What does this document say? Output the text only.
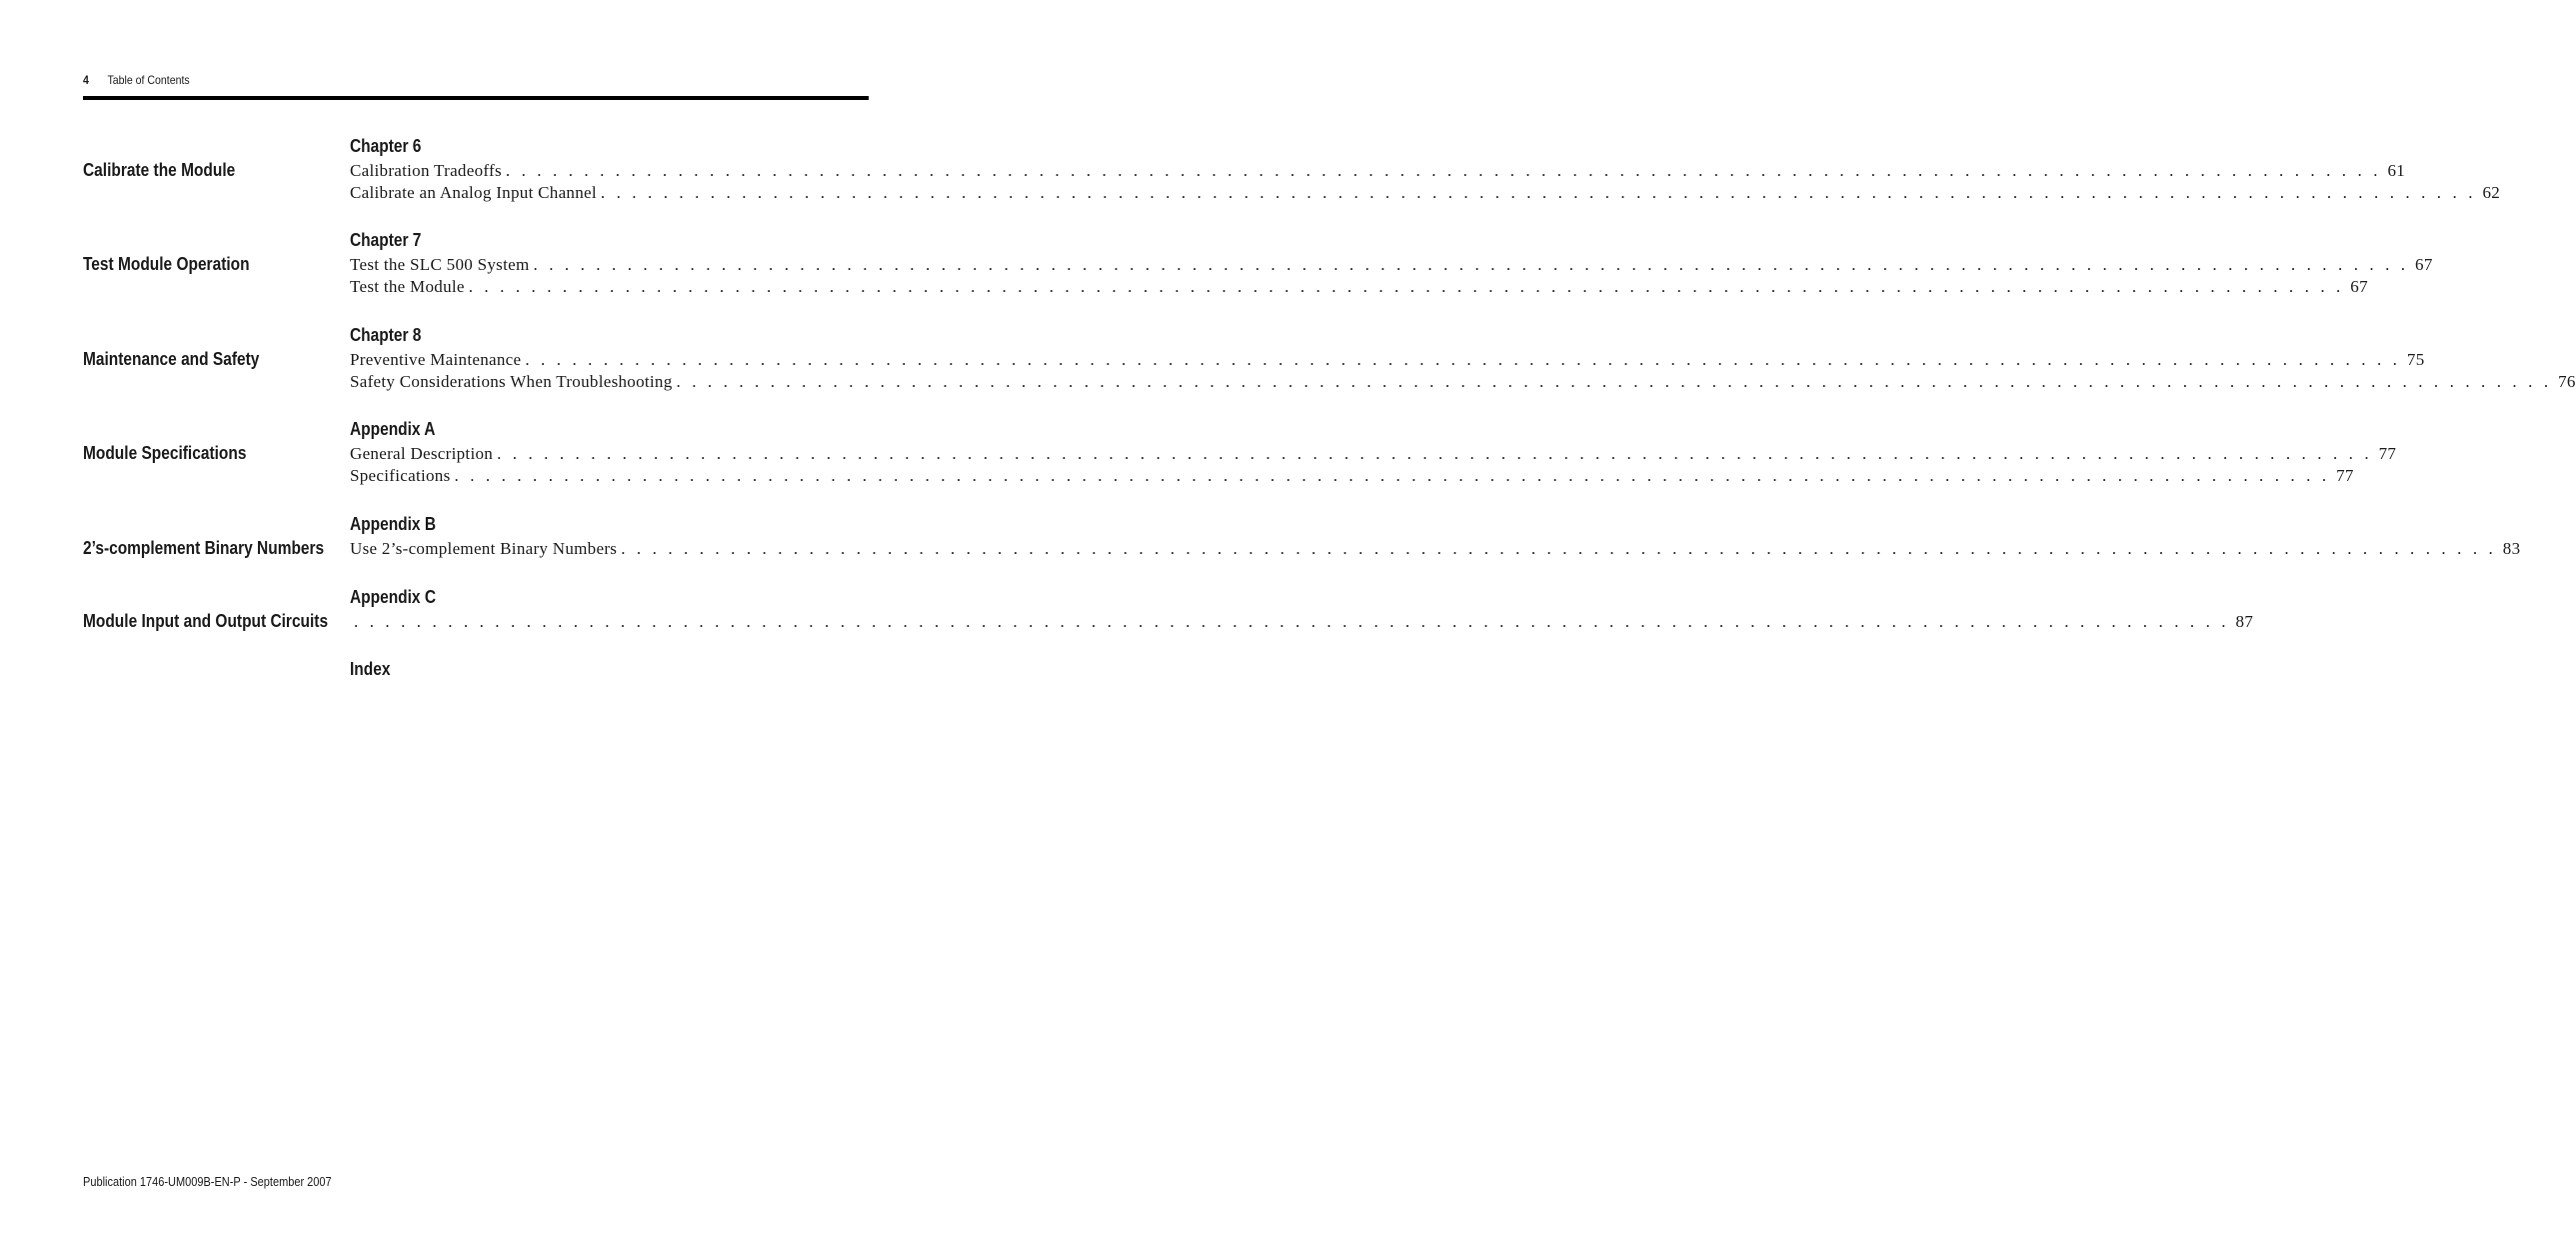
4 Table of Contents
Chapter 6
Calibrate the Module	Calibration Tradeoffs . . . . . . . . . . . . . . . . . . . . . . . . . . . . . . . . . . . . . . . . . . . . . . . . . . . . . . . . . . . . . . . . . . . . . . . . . . . . . . . . . . . . . . . . . . . . . . . . . . . . . . . . . . . . . . . . . . . . . . . . 61
Calibrate an Analog Input Channel . . . . . . . . . . . . . . . . . . . . . . . . . . . . . . . . . . . . . . . . . . . . . . . . . . . . . . . . . . . . . . . . . . . . . . . . . . . . . . . . . . . . . . . . . . . . . . . . . . . . . . . . . . . . . . . . . . . . . . . . 62
Chapter 7
Test Module Operation	Test the SLC 500 System . . . . . . . . . . . . . . . . . . . . . . . . . . . . . . . . . . . . . . . . . . . . . . . . . . . . . . . . . . . . . . . . . . . . . . . . . . . . . . . . . . . . . . . . . . . . . . . . . . . . . . . . . . . . . . . . . . . . . . . . 67
Test the Module . . . . . . . . . . . . . . . . . . . . . . . . . . . . . . . . . . . . . . . . . . . . . . . . . . . . . . . . . . . . . . . . . . . . . . . . . . . . . . . . . . . . . . . . . . . . . . . . . . . . . . . . . . . . . . . . . . . . . . . . 67
Chapter 8
Maintenance and Safety	Preventive Maintenance . . . . . . . . . . . . . . . . . . . . . . . . . . . . . . . . . . . . . . . . . . . . . . . . . . . . . . . . . . . . . . . . . . . . . . . . . . . . . . . . . . . . . . . . . . . . . . . . . . . . . . . . . . . . . . . . . . . . . . . . 75
Safety Considerations When Troubleshooting . . . . . . . . . . . . . . . . . . . . . . . . . . . . . . . . . . . . . . . . . . . . . . . . . . . . . . . . . . . . . . . . . . . . . . . . . . . . . . . . . . . . . . . . . . . . . . . . . . . . . . . . . . . . . . . . . . . . . . . . 76
Appendix A
Module Specifications	General Description . . . . . . . . . . . . . . . . . . . . . . . . . . . . . . . . . . . . . . . . . . . . . . . . . . . . . . . . . . . . . . . . . . . . . . . . . . . . . . . . . . . . . . . . . . . . . . . . . . . . . . . . . . . . . . . . . . . . . . . . 77
Specifications . . . . . . . . . . . . . . . . . . . . . . . . . . . . . . . . . . . . . . . . . . . . . . . . . . . . . . . . . . . . . . . . . . . . . . . . . . . . . . . . . . . . . . . . . . . . . . . . . . . . . . . . . . . . . . . . . . . . . . . . 77
Appendix B
2’s-complement Binary Numbers Use 2’s-complement Binary Numbers . . . . . . . . . . . . . . . . . . . . . . . . . . . . . . . . . . . . . . . . . . . . . . . . . . . . . . . . . . . . . . . . . . . . . . . . . . . . . . . . . . . . . . . . . . . . . . . . . . . . . . . . . . . . . . . . . . . . . . . . 83
Appendix C
Module Input and Output Circuits . . . . . . . . . . . . . . . . . . . . . . . . . . . . . . . . . . . . . . . . . . . . . . . . . . . . . . . . . . . . . . . . . . . . . . . . . . . . . . . . . . . . . . . . . . . . . . . . . . . . . . . . . . . . . . . . . . . . . . . . 87
Index
Publication 1746-UM009B-EN-P - September 2007
